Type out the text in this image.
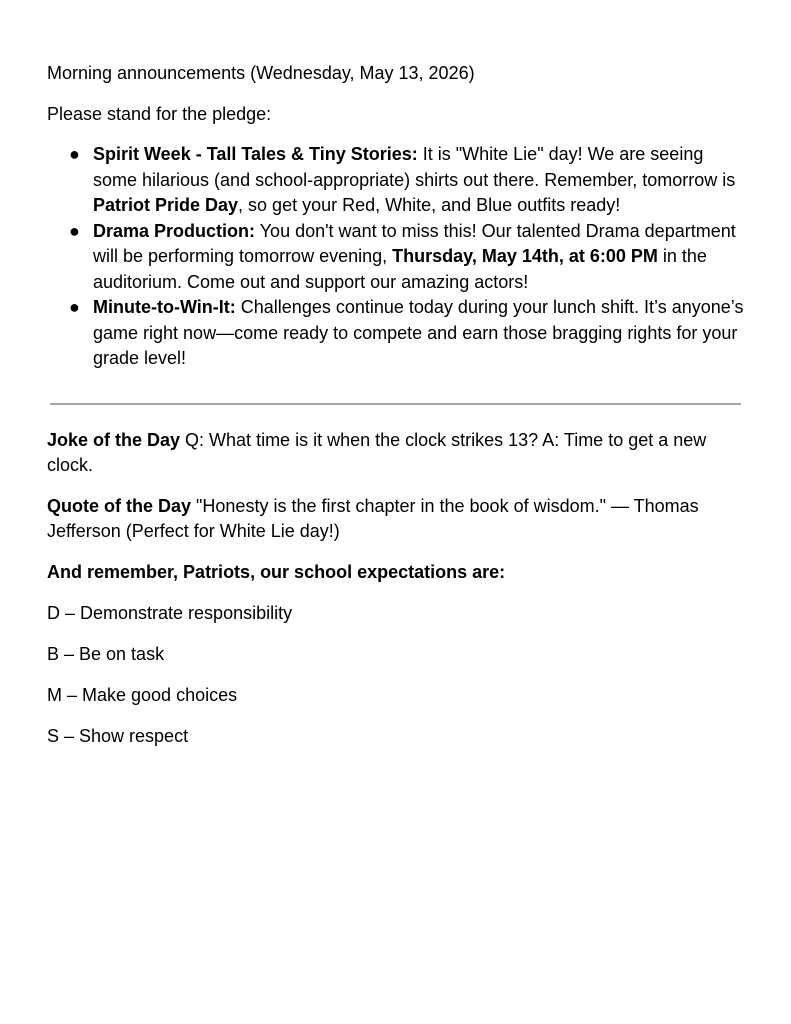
Morning announcements (Wednesday, May 13, 2026)

Please stand for the pledge:

● Spirit Week - Tall Tales & Tiny Stories: It is "White Lie" day! We are seeing some hilarious (and school-appropriate) shirts out there. Remember, tomorrow is Patriot Pride Day, so get your Red, White, and Blue outfits ready!
● Drama Production: You don't want to miss this! Our talented Drama department will be performing tomorrow evening, Thursday, May 14th, at 6:00 PM in the auditorium. Come out and support our amazing actors!
● Minute-to-Win-It: Challenges continue today during your lunch shift. It’s anyone’s game right now—come ready to compete and earn those bragging rights for your grade level!

Joke of the Day Q: What time is it when the clock strikes 13? A: Time to get a new clock.

Quote of the Day "Honesty is the first chapter in the book of wisdom." — Thomas Jefferson (Perfect for White Lie day!)

And remember, Patriots, our school expectations are:

D – Demonstrate responsibility

B – Be on task

M – Make good choices

S – Show respect
